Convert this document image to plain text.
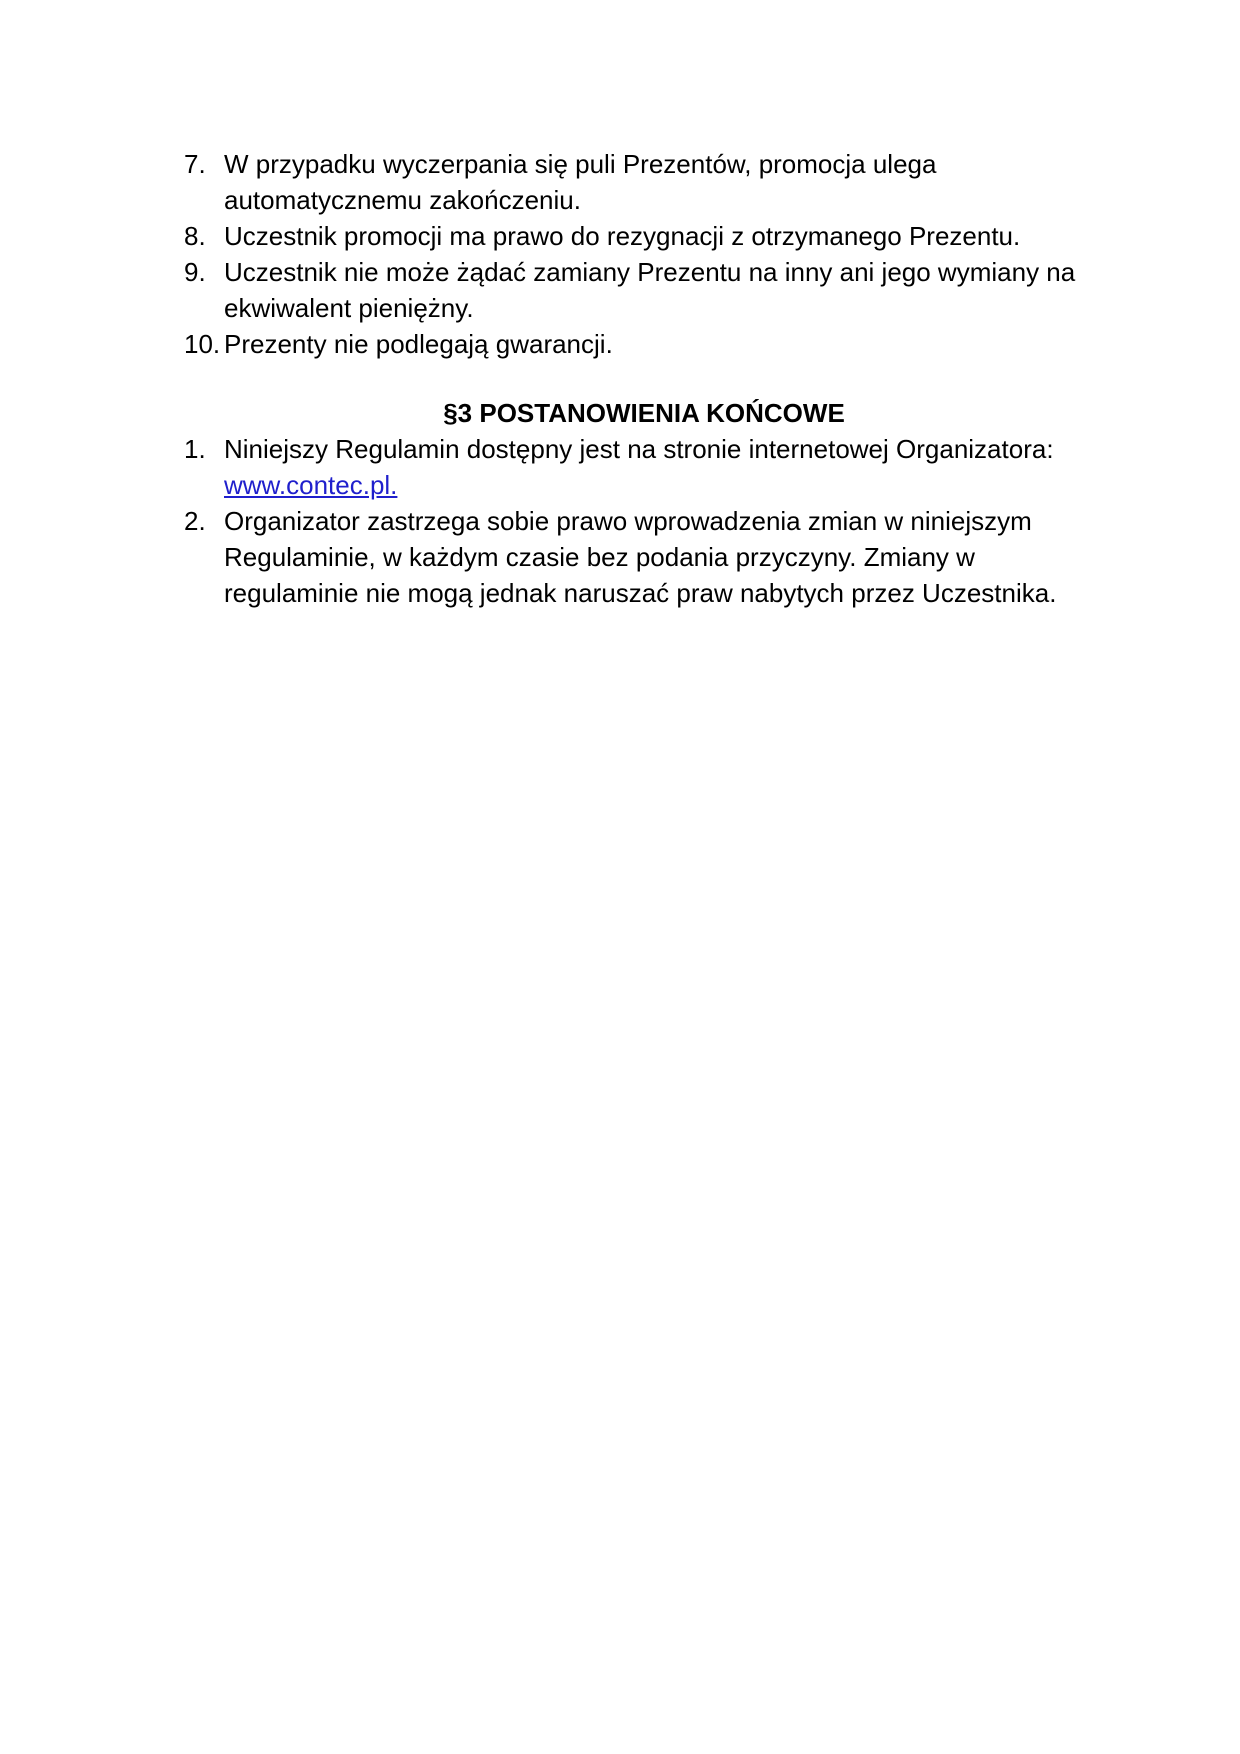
7. W przypadku wyczerpania się puli Prezentów, promocja ulega automatycznemu zakończeniu.
8. Uczestnik promocji ma prawo do rezygnacji z otrzymanego Prezentu.
9. Uczestnik nie może żądać zamiany Prezentu na inny ani jego wymiany na ekwiwalent pieniężny.
10. Prezenty nie podlegają gwarancji.
§3 POSTANOWIENIA KOŃCOWE
1. Niniejszy Regulamin dostępny jest na stronie internetowej Organizatora:
www.contec.pl.
2. Organizator zastrzega sobie prawo wprowadzenia zmian w niniejszym Regulaminie, w każdym czasie bez podania przyczyny. Zmiany w regulaminie nie mogą jednak naruszać praw nabytych przez Uczestnika.
